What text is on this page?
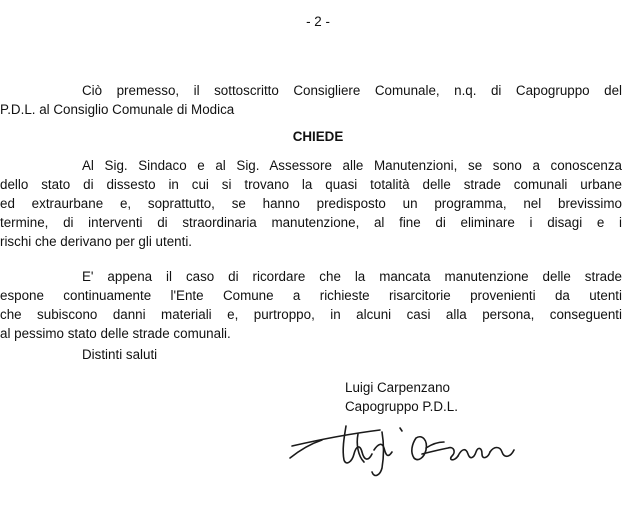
- 2 -
Ciò premesso, il sottoscritto Consigliere Comunale, n.q. di Capogruppo del
P.D.L. al Consiglio Comunale di Modica
CHIEDE
Al Sig. Sindaco e al Sig. Assessore alle Manutenzioni, se sono a conoscenza
dello stato di dissesto in cui si trovano la quasi totalità delle strade comunali urbane
ed extraurbane e, soprattutto, se hanno predisposto un programma, nel brevissimo
termine, di interventi di straordinaria manutenzione, al fine di eliminare i disagi e i
rischi che derivano per gli utenti.
E' appena il caso di ricordare che la mancata manutenzione delle strade
espone continuamente l'Ente Comune a richieste risarcitorie provenienti da utenti
che subiscono danni materiali e, purtroppo, in alcuni casi alla persona, conseguenti
al pessimo stato delle strade comunali.
Distinti saluti
Luigi Carpenzano
Capogruppo P.D.L.
